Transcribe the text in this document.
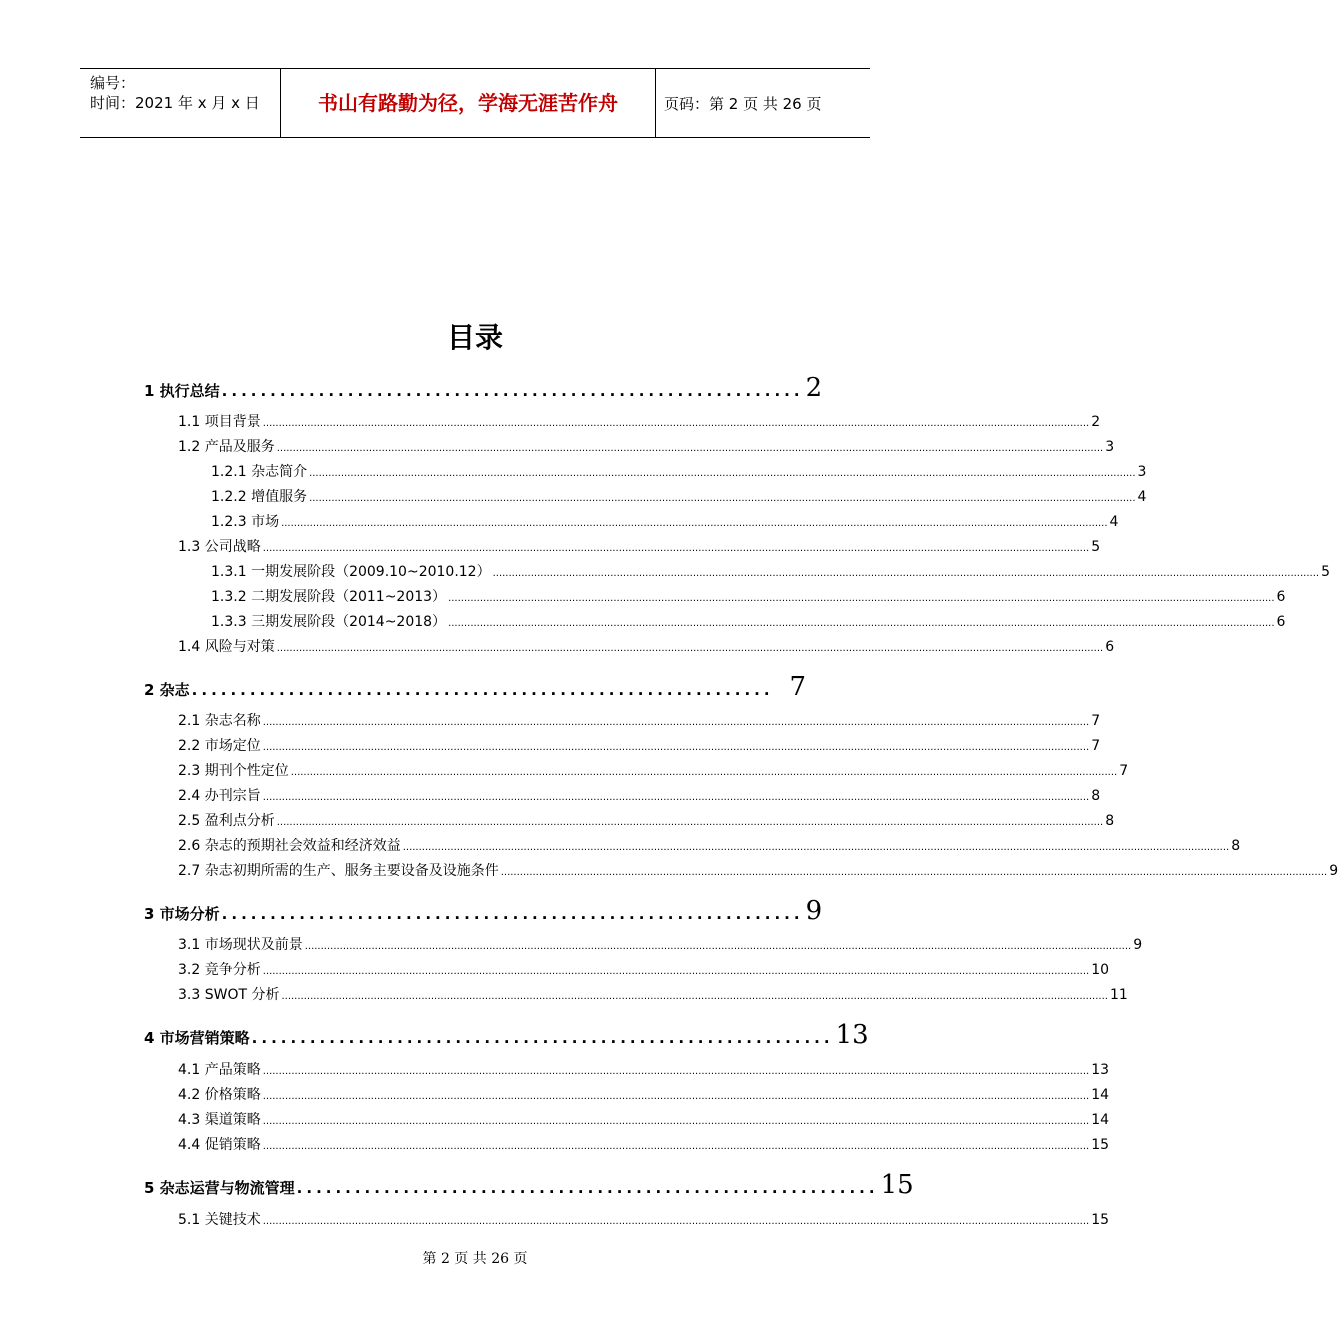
编号：
时间：2021 年 x 月 x 日	书山有路勤为径，学海无涯苦作舟	页码：第 2 页 共 26 页
目录
1 执行总结 ............................................................ 2
1.1 项目背景 .................................................................................................................................................................................................................................................................... 2
1.2 产品及服务 .................................................................................................................................................................................................................................................................... 3
1.2.1 杂志简介 .................................................................................................................................................................................................................................................................... 3
1.2.2 增值服务 .................................................................................................................................................................................................................................................................... 4
1.2.3 市场 .................................................................................................................................................................................................................................................................... 4
1.3 公司战略 .................................................................................................................................................................................................................................................................... 5
1.3.1 一期发展阶段（2009.10~2010.12） .................................................................................................................................................................................................................................................................... 5
1.3.2 二期发展阶段（2011~2013） .................................................................................................................................................................................................................................................................... 6
1.3.3 三期发展阶段（2014~2018） .................................................................................................................................................................................................................................................................... 6
1.4 风险与对策 .................................................................................................................................................................................................................................................................... 6
2 杂志 ............................................................ 7
2.1 杂志名称 .................................................................................................................................................................................................................................................................... 7
2.2 市场定位 .................................................................................................................................................................................................................................................................... 7
2.3 期刊个性定位 .................................................................................................................................................................................................................................................................... 7
2.4 办刊宗旨 .................................................................................................................................................................................................................................................................... 8
2.5 盈利点分析 .................................................................................................................................................................................................................................................................... 8
2.6 杂志的预期社会效益和经济效益 .................................................................................................................................................................................................................................................................... 8
2.7 杂志初期所需的生产、服务主要设备及设施条件 .................................................................................................................................................................................................................................................................... 9
3 市场分析 ............................................................ 9
3.1 市场现状及前景 .................................................................................................................................................................................................................................................................... 9
3.2 竞争分析 .................................................................................................................................................................................................................................................................... 10
3.3 SWOT 分析 .................................................................................................................................................................................................................................................................... 11
4 市场营销策略 ............................................................ 13
4.1 产品策略 .................................................................................................................................................................................................................................................................... 13
4.2 价格策略 .................................................................................................................................................................................................................................................................... 14
4.3 渠道策略 .................................................................................................................................................................................................................................................................... 14
4.4 促销策略 .................................................................................................................................................................................................................................................................... 15
5 杂志运营与物流管理 ............................................................ 15
5.1 关键技术 .................................................................................................................................................................................................................................................................... 15
第 2 页 共 26 页
